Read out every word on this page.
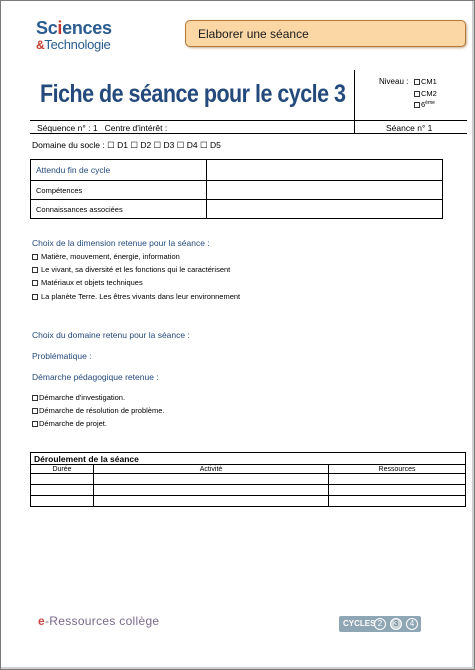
Sciences
&Technologie
Elaborer une séance
Fiche de séance pour le cycle 3	Niveau :	CM1
CM2
6ème
Séquence n° : 1   Centre d'intérêt :	Séance n° 1
Domaine du socle : ☐ D1 ☐ D2 ☐ D3 ☐ D4 ☐ D5
Attendu fin de cycle	
Compétences	
Connaissances associées	
Choix de la dimension retenue pour la séance :
Matière, mouvement, énergie, information
Le vivant, sa diversité et les fonctions qui le caractérisent
Matériaux et objets techniques
La planète Terre. Les êtres vivants dans leur environnement
Choix du domaine retenu pour la séance :
Problématique :
Démarche pédagogique retenue :
Démarche d'investigation.
Démarche de résolution de problème.
Démarche de projet.
Déroulement de la séance		
Durée	Activité	Ressources

e-Ressources collège	CYCLES 2	3	4
